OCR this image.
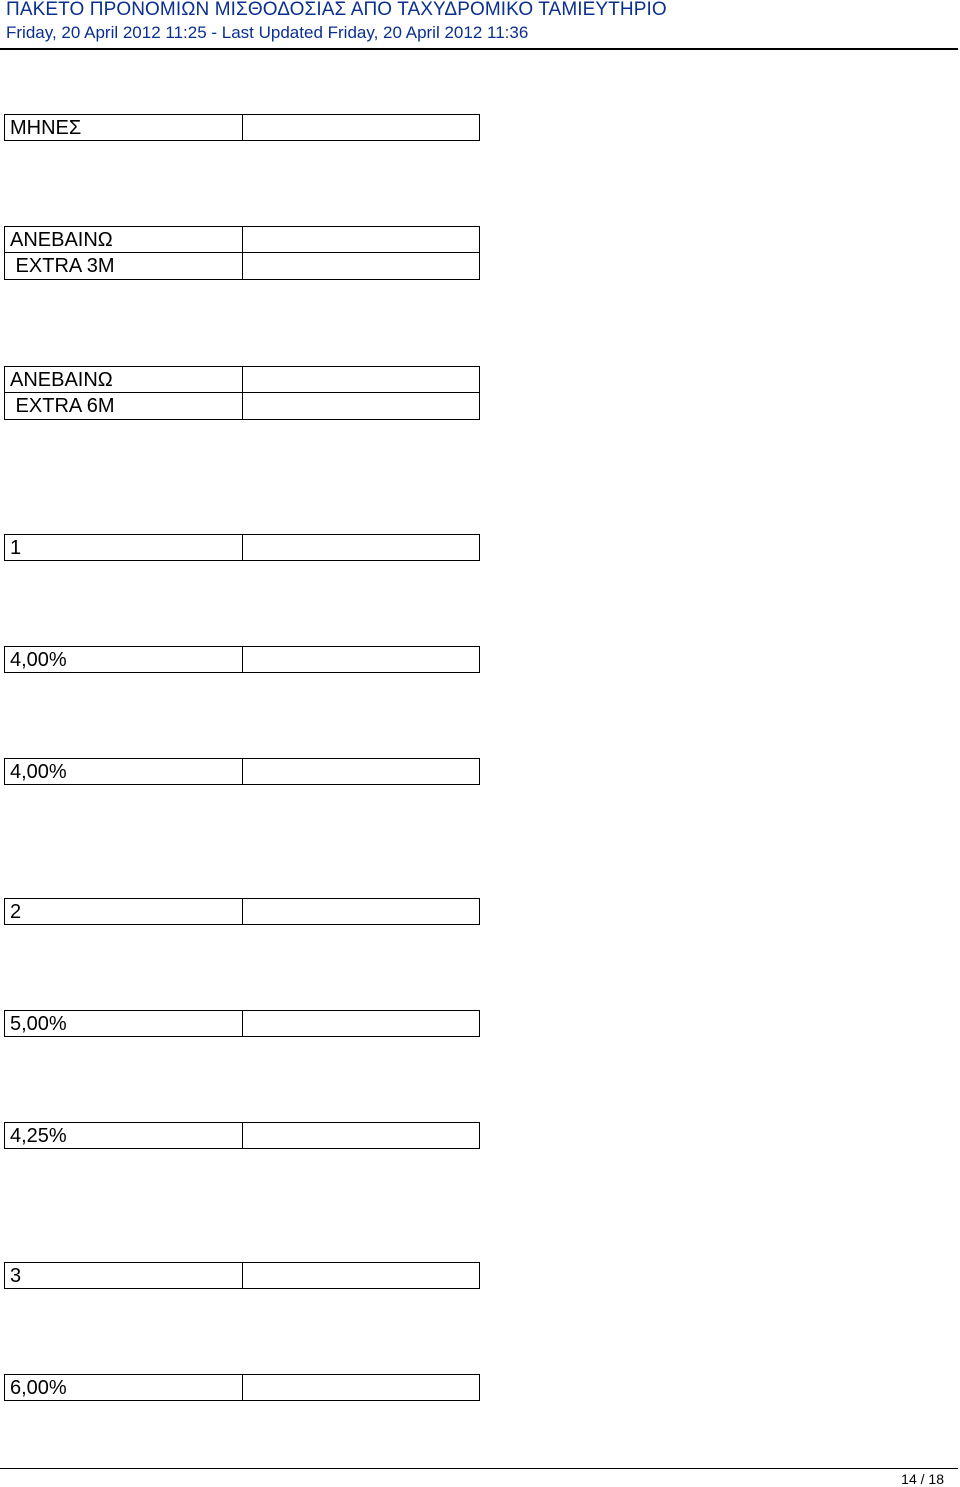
ΠΑΚΕΤΟ ΠΡΟΝΟΜΙΩΝ ΜΙΣΘΟΔΟΣΙΑΣ ΑΠΟ ΤΑΧΥΔΡΟΜΙΚΟ ΤΑΜΙΕΥΤΗΡΙΟ
Friday, 20 April 2012 11:25 - Last Updated Friday, 20 April 2012 11:36
ΜΗΝΕΣ
ΑΝΕΒΑΙΝΩ
EXTRA 3M
ΑΝΕΒΑΙΝΩ
EXTRA 6M
1
4,00%
4,00%
2
5,00%
4,25%
3
6,00%
14 / 18
